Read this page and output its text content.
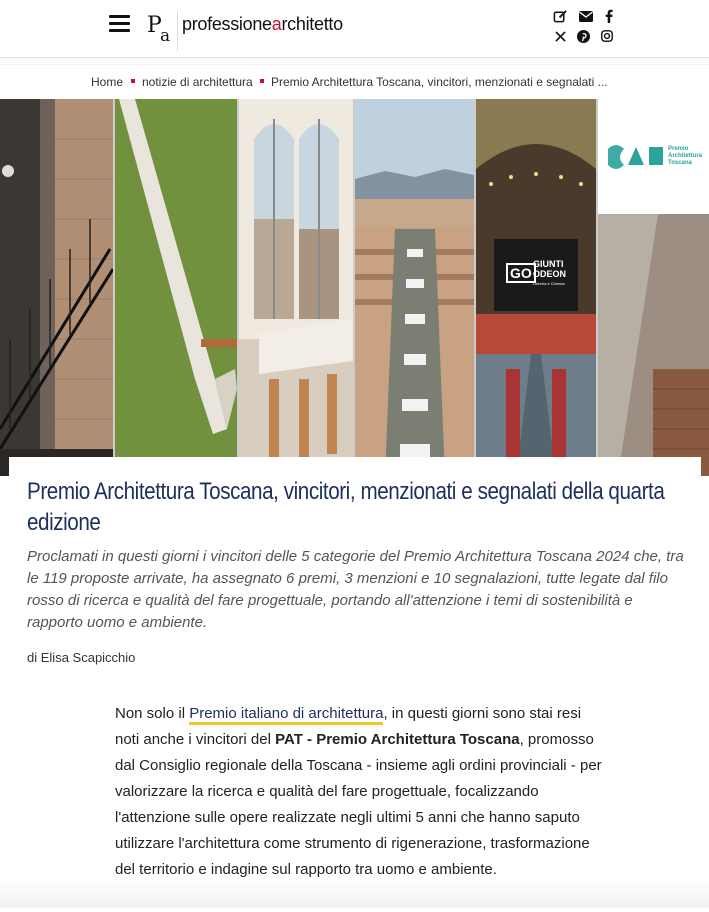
P
a
professionearchitetto
Home notizie di architettura Premio Architettura Toscana, vincitori, menzionati e segnalati ...
GO
GIUNTI
ODEON
Libreria e Cinema
Premio
Architettura
Toscana
Premio Architettura Toscana, vincitori, menzionati e segnalati della quarta edizione
Proclamati in questi giorni i vincitori delle 5 categorie del Premio Architettura Toscana 2024 che, tra le 119 proposte arrivate, ha assegnato 6 premi, 3 menzioni e 10 segnalazioni, tutte legate dal filo rosso di ricerca e qualità del fare progettuale, portando all'attenzione i temi di sostenibilità e rapporto uomo e ambiente.
di Elisa Scapicchio
Non solo il Premio italiano di architettura, in questi giorni sono stai resi noti anche i vincitori del PAT - Premio Architettura Toscana, promosso dal Consiglio regionale della Toscana - insieme agli ordini provinciali - per valorizzare la ricerca e qualità del fare progettuale, focalizzando l'attenzione sulle opere realizzate negli ultimi 5 anni che hanno saputo utilizzare l'architettura come strumento di rigenerazione, trasformazione del territorio e indagine sul rapporto tra uomo e ambiente.
